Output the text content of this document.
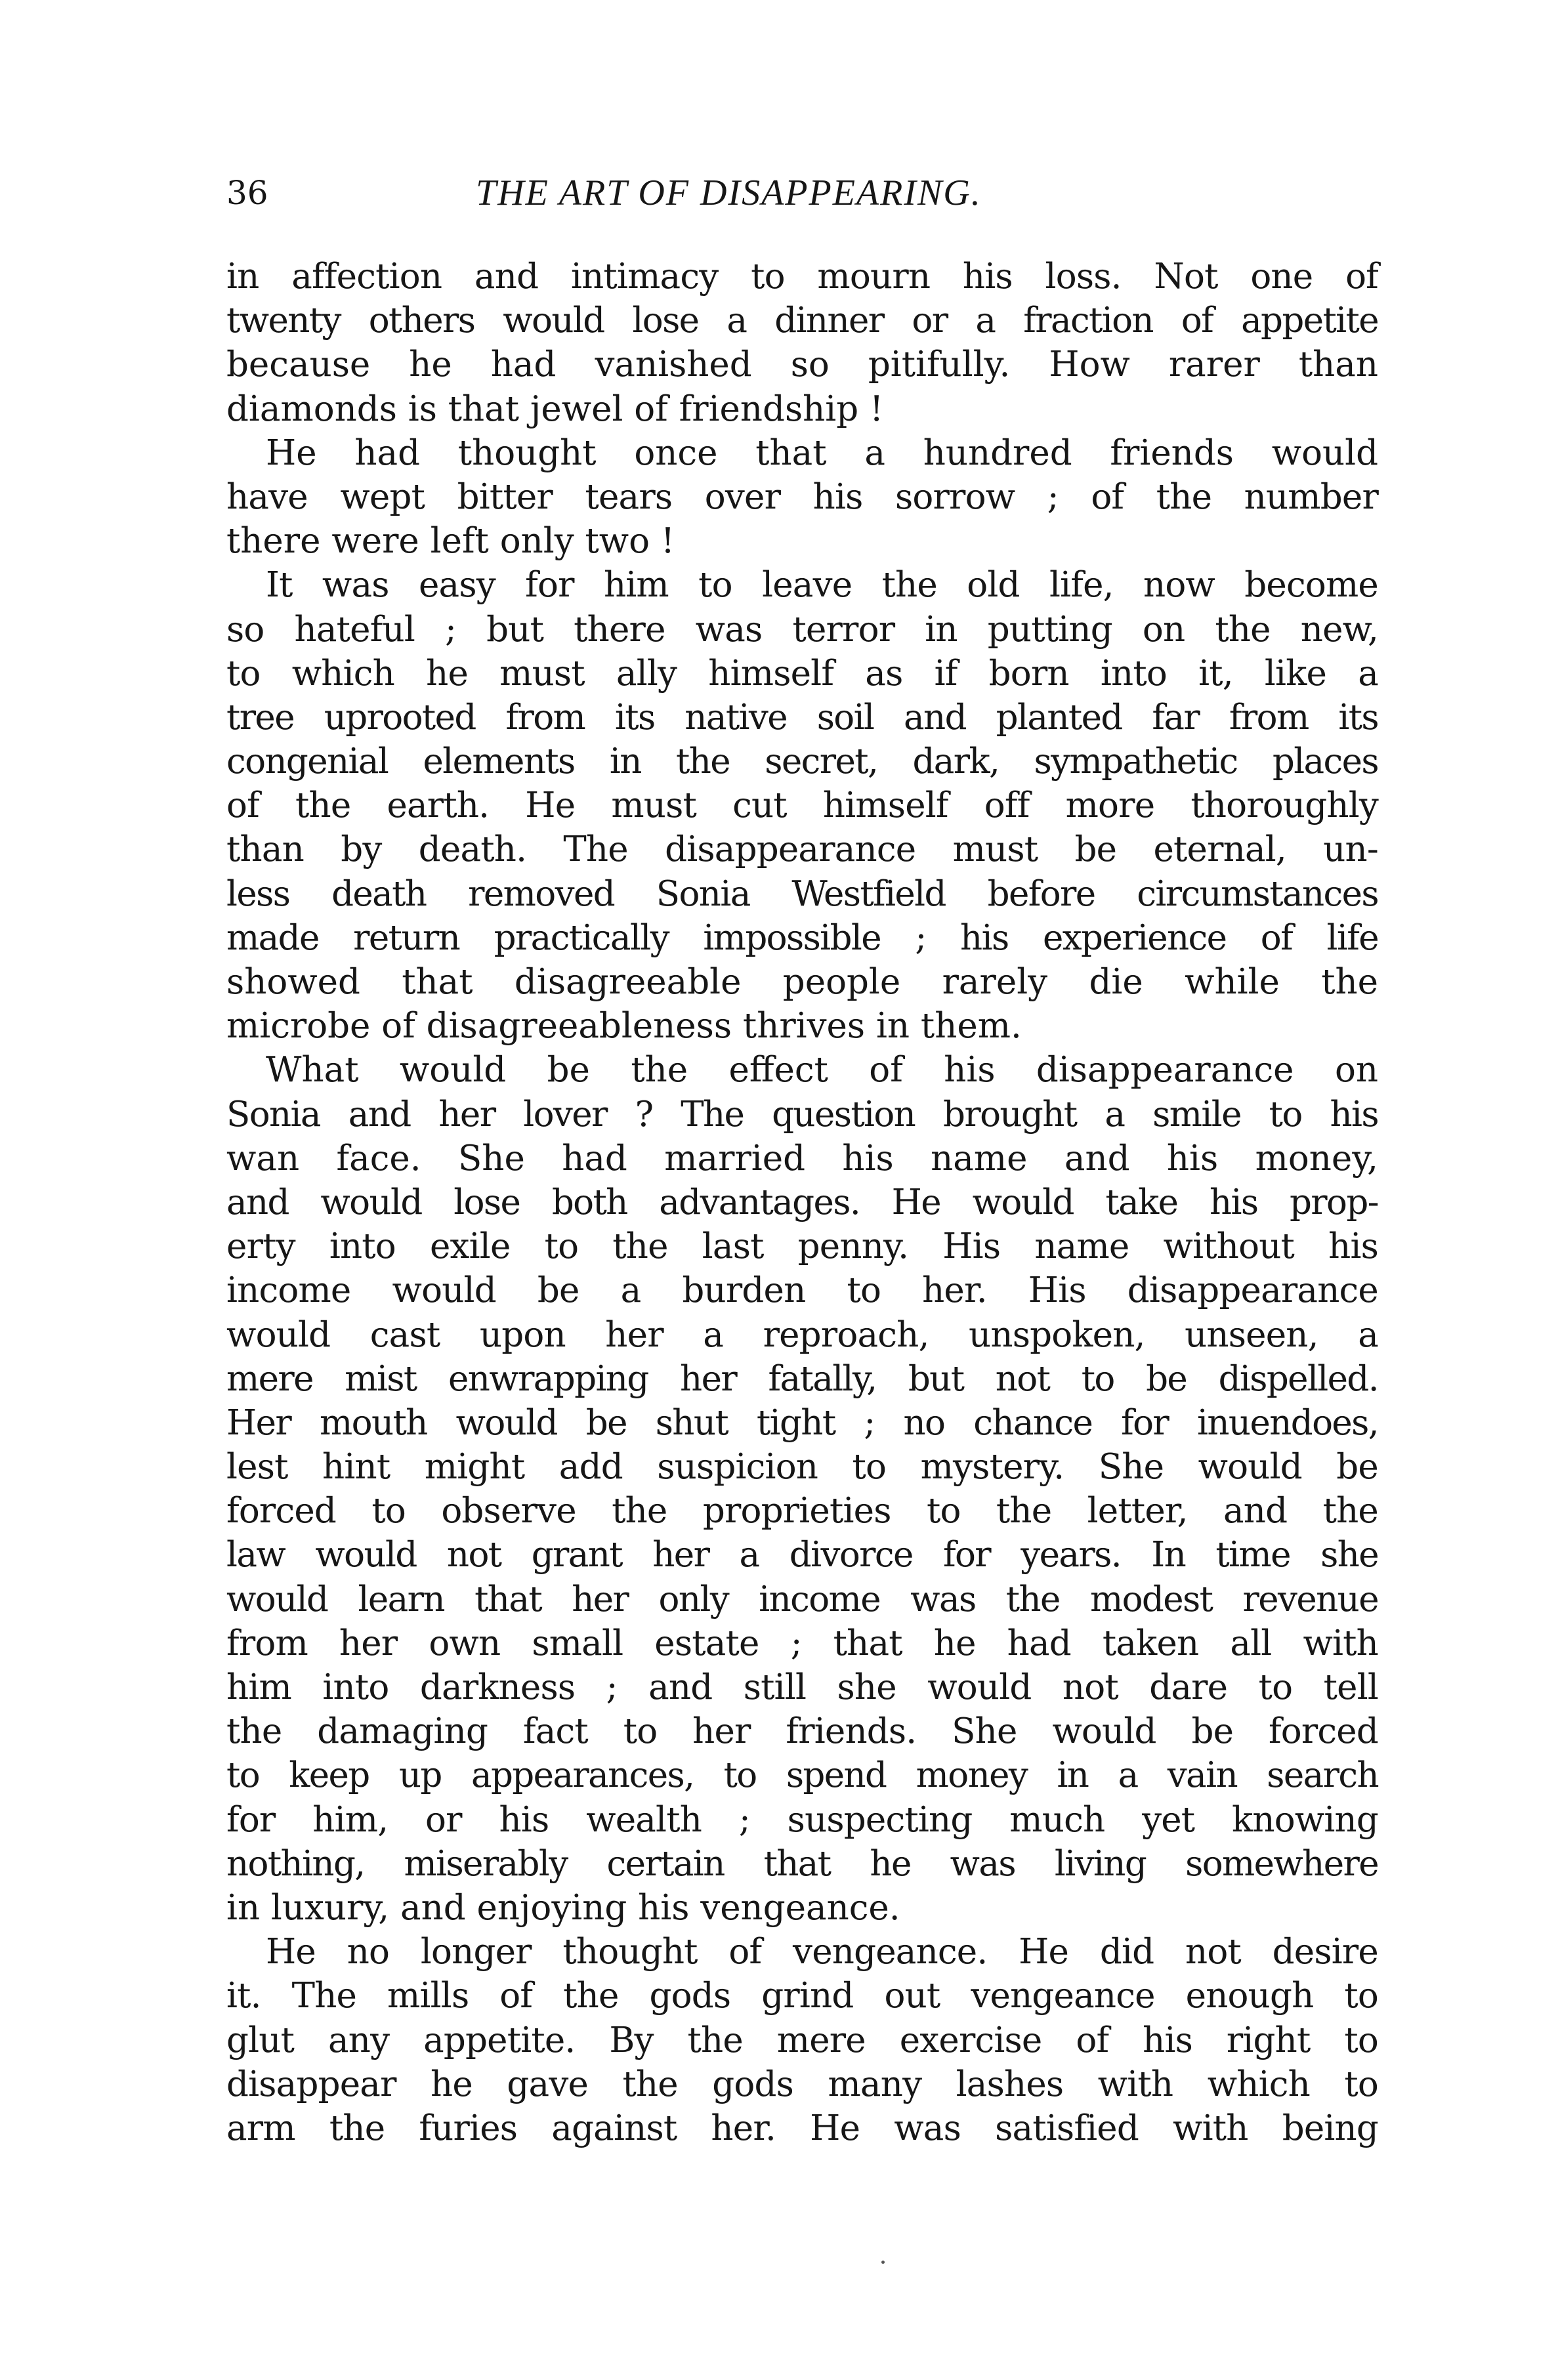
36	THE ART OF DISAPPEARING.
in affection and intimacy to mourn his loss. Not one of
twenty others would lose a dinner or a fraction of appetite
because he had vanished so pitifully. How rarer than
diamonds is that jewel of friendship !
He had thought once that a hundred friends would
have wept bitter tears over his sorrow ; of the number
there were left only two !
It was easy for him to leave the old life, now become
so hateful ; but there was terror in putting on the new,
to which he must ally himself as if born into it, like a
tree uprooted from its native soil and planted far from its
congenial elements in the secret, dark, sympathetic places
of the earth. He must cut himself off more thoroughly
than by death. The disappearance must be eternal, un-
less death removed Sonia Westfield before circumstances
made return practically impossible ; his experience of life
showed that disagreeable people rarely die while the
microbe of disagreeableness thrives in them.
What would be the effect of his disappearance on
Sonia and her lover ? The question brought a smile to his
wan face. She had married his name and his money,
and would lose both advantages. He would take his prop-
erty into exile to the last penny. His name without his
income would be a burden to her. His disappearance
would cast upon her a reproach, unspoken, unseen, a
mere mist enwrapping her fatally, but not to be dispelled.
Her mouth would be shut tight ; no chance for inuendoes,
lest hint might add suspicion to mystery. She would be
forced to observe the proprieties to the letter, and the
law would not grant her a divorce for years. In time she
would learn that her only income was the modest revenue
from her own small estate ; that he had taken all with
him into darkness ; and still she would not dare to tell
the damaging fact to her friends. She would be forced
to keep up appearances, to spend money in a vain search
for him, or his wealth ; suspecting much yet knowing
nothing, miserably certain that he was living somewhere
in luxury, and enjoying his vengeance.
He no longer thought of vengeance. He did not desire
it. The mills of the gods grind out vengeance enough to
glut any appetite. By the mere exercise of his right to
disappear he gave the gods many lashes with which to
arm the furies against her. He was satisfied with being
